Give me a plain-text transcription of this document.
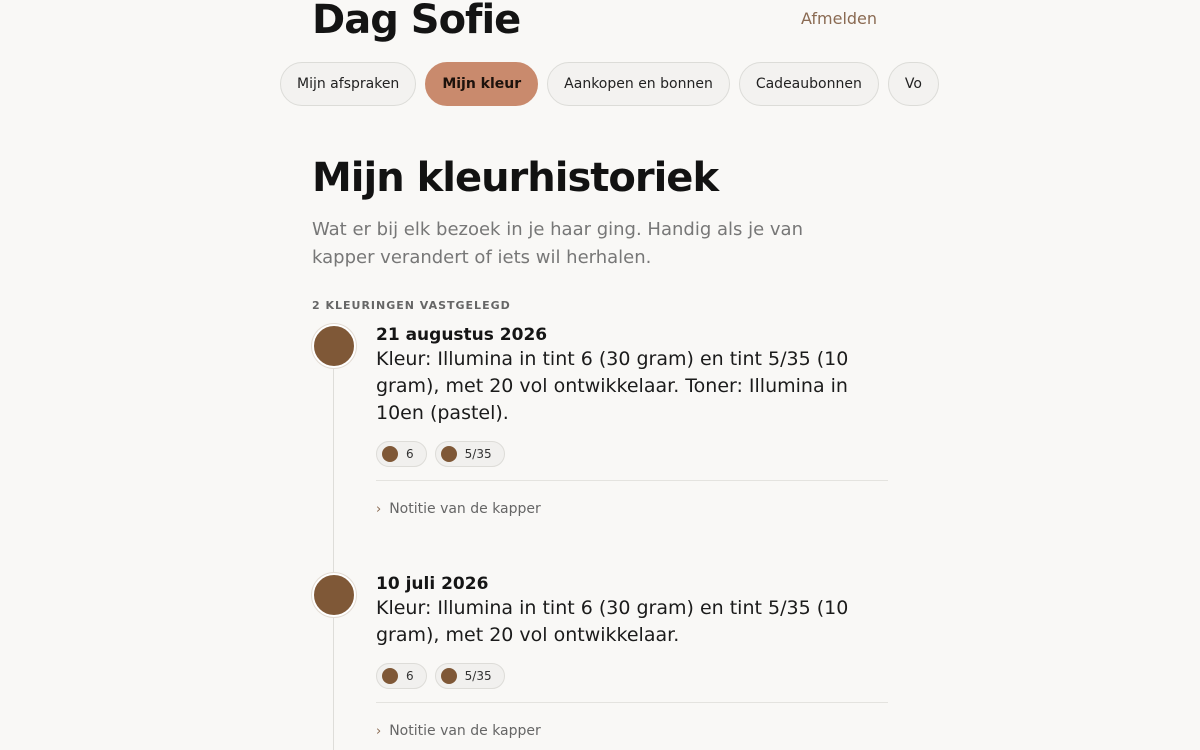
Dag Sofie	Afmelden
Mijn afspraken	Mijn kleur	Aankopen en bonnen	Cadeaubonnen	Vo
Mijn kleurhistoriek

Wat er bij elk bezoek in je haar ging. Handig als je van kapper verandert of iets wil herhalen.

2 KLEURINGEN VASTGELEGD
21 augustus 2026
Kleur: Illumina in tint 6 (30 gram) en tint 5/35 (10 gram), met 20 vol ontwikkelaar. Toner: Illumina in 10en (pastel).
6	5/35
› Notitie van de kapper
10 juli 2026
Kleur: Illumina in tint 6 (30 gram) en tint 5/35 (10 gram), met 20 vol ontwikkelaar.
6	5/35
› Notitie van de kapper
